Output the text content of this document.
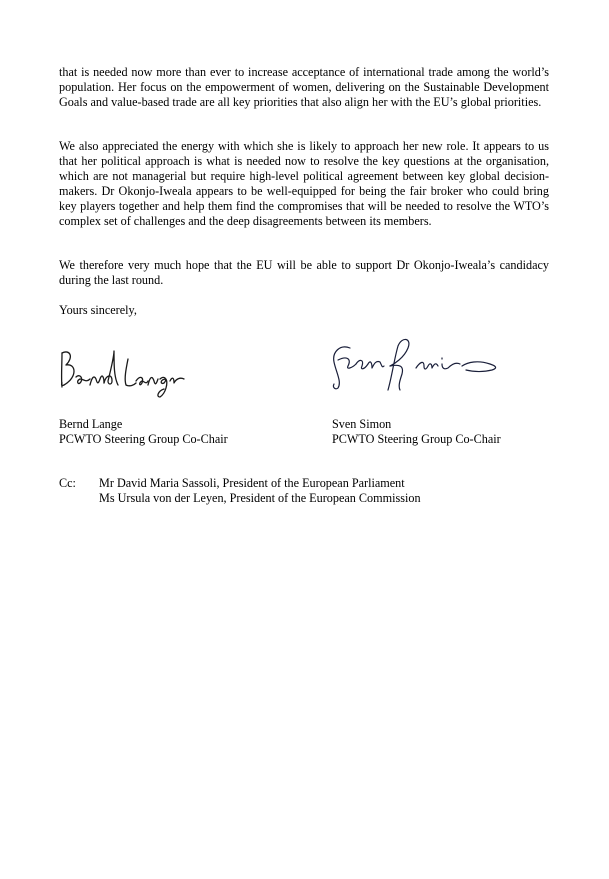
that is needed now more than ever to increase acceptance of international trade among the world’s population. Her focus on the empowerment of women, delivering on the Sustainable Development Goals and value-based trade are all key priorities that also align her with the EU’s global priorities.

We also appreciated the energy with which she is likely to approach her new role. It appears to us that her political approach is what is needed now to resolve the key questions at the organisation, which are not managerial but require high-level political agreement between key global decision-makers. Dr Okonjo-Iweala appears to be well-equipped for being the fair broker who could bring key players together and help them find the compromises that will be needed to resolve the WTO’s complex set of challenges and the deep disagreements between its members.

We therefore very much hope that the EU will be able to support Dr Okonjo-Iweala’s candidacy during the last round.

Yours sincerely,

Bernd Lange
PCWTO Steering Group Co-Chair
Sven Simon
PCWTO Steering Group Co-Chair
Cc: Mr David Maria Sassoli, President of the European Parliament
Ms Ursula von der Leyen, President of the European Commission
